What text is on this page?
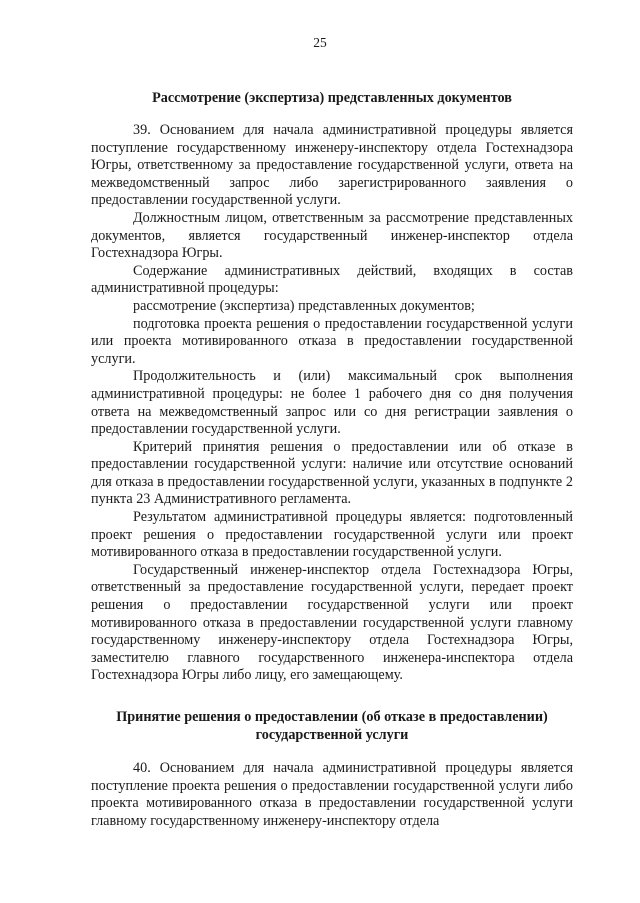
25

Рассмотрение (экспертиза) представленных документов

39. Основанием для начала административной процедуры является поступление государственному инженеру-инспектору отдела Гостехнадзора Югры, ответственному за предоставление государственной услуги, ответа на межведомственный запрос либо зарегистрированного заявления о предоставлении государственной услуги.

Должностным лицом, ответственным за рассмотрение представленных документов, является государственный инженер-инспектор отдела Гостехнадзора Югры.

Содержание административных действий, входящих в состав административной процедуры:

рассмотрение (экспертиза) представленных документов;

подготовка проекта решения о предоставлении государственной услуги или проекта мотивированного отказа в предоставлении государственной услуги.

Продолжительность и (или) максимальный срок выполнения административной процедуры: не более 1 рабочего дня со дня получения ответа на межведомственный запрос или со дня регистрации заявления о предоставлении государственной услуги.

Критерий принятия решения о предоставлении или об отказе в предоставлении государственной услуги: наличие или отсутствие оснований для отказа в предоставлении государственной услуги, указанных в подпункте 2 пункта 23 Административного регламента.

Результатом административной процедуры является: подготовленный проект решения о предоставлении государственной услуги или проект мотивированного отказа в предоставлении государственной услуги.

Государственный инженер-инспектор отдела Гостехнадзора Югры, ответственный за предоставление государственной услуги, передает проект решения о предоставлении государственной услуги или проект мотивированного отказа в предоставлении государственной услуги главному государственному инженеру-инспектору отдела Гостехнадзора Югры, заместителю главного государственного инженера-инспектора отдела Гостехнадзора Югры либо лицу, его замещающему.

Принятие решения о предоставлении (об отказе в предоставлении)

государственной услуги

40. Основанием для начала административной процедуры является поступление проекта решения о предоставлении государственной услуги либо проекта мотивированного отказа в предоставлении государственной услуги главному государственному инженеру-инспектору отдела
